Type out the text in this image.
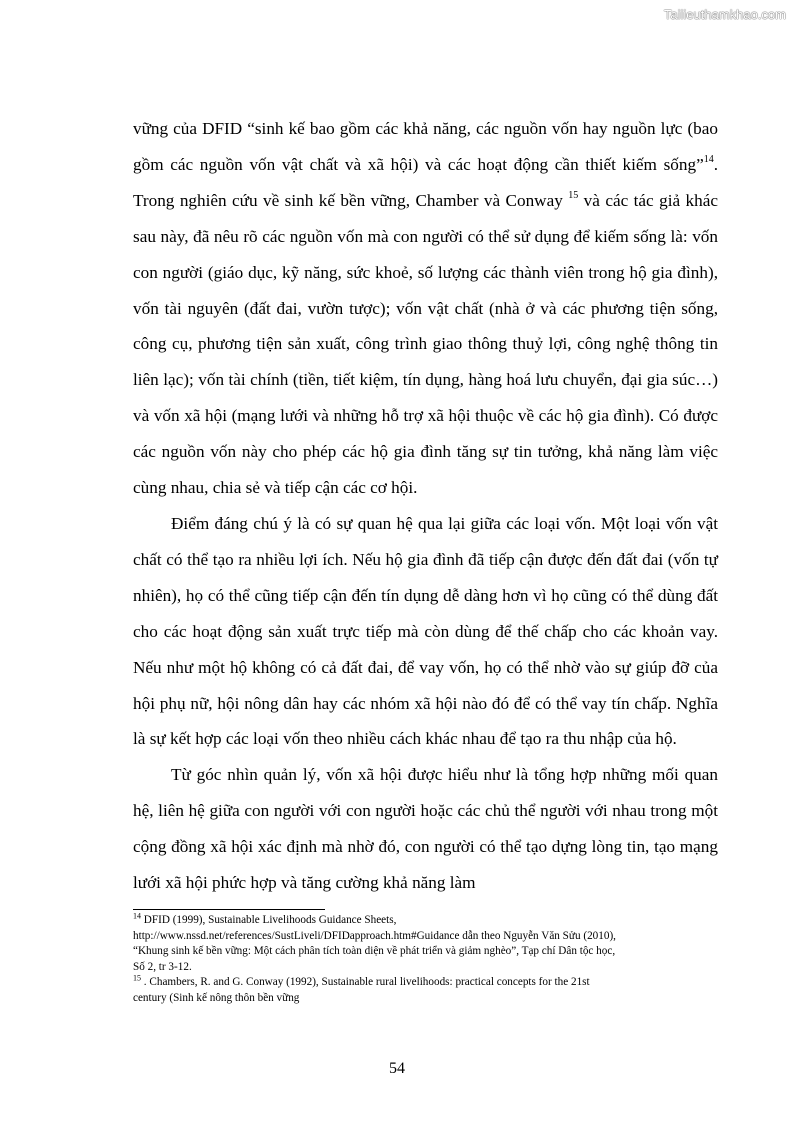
Tailieuthamkhao.com

vững của DFID “sinh kế bao gồm các khả năng, các nguồn vốn hay nguồn lực (bao gồm các nguồn vốn vật chất và xã hội) và các hoạt động cần thiết kiếm sống”$^{14}$. Trong nghiên cứu về sinh kế bền vững, Chamber và Conway $^{15}$ và các tác giả khác sau này, đã nêu rõ các nguồn vốn mà con người có thể sử dụng để kiếm sống là: vốn con người (giáo dục, kỹ năng, sức khoẻ, số lượng các thành viên trong hộ gia đình), vốn tài nguyên (đất đai, vườn tược); vốn vật chất (nhà ở và các phương tiện sống, công cụ, phương tiện sản xuất, công trình giao thông thuỷ lợi, công nghệ thông tin liên lạc); vốn tài chính (tiền, tiết kiệm, tín dụng, hàng hoá lưu chuyển, đại gia súc…) và vốn xã hội (mạng lưới và những hỗ trợ xã hội thuộc về các hộ gia đình). Có được các nguồn vốn này cho phép các hộ gia đình tăng sự tin tưởng, khả năng làm việc cùng nhau, chia sẻ và tiếp cận các cơ hội.

Điểm đáng chú ý là có sự quan hệ qua lại giữa các loại vốn. Một loại vốn vật chất có thể tạo ra nhiều lợi ích. Nếu hộ gia đình đã tiếp cận được đến đất đai (vốn tự nhiên), họ có thể cũng tiếp cận đến tín dụng dễ dàng hơn vì họ cũng có thể dùng đất cho các hoạt động sản xuất trực tiếp mà còn dùng để thế chấp cho các khoản vay. Nếu như một hộ không có cả đất đai, để vay vốn, họ có thể nhờ vào sự giúp đỡ của hội phụ nữ, hội nông dân hay các nhóm xã hội nào đó để có thể vay tín chấp. Nghĩa là sự kết hợp các loại vốn theo nhiều cách khác nhau để tạo ra thu nhập của hộ.

Từ góc nhìn quản lý, vốn xã hội được hiểu như là tổng hợp những mối quan hệ, liên hệ giữa con người với con người hoặc các chủ thể người với nhau trong một cộng đồng xã hội xác định mà nhờ đó, con người có thể tạo dựng lòng tin, tạo mạng lưới xã hội phức hợp và tăng cường khả năng làm

$^{14}$ DFID (1999), Sustainable Livelihoods Guidance Sheets,
http://www.nssd.net/references/SustLiveli/DFIDapproach.htm#Guidance dẫn theo Nguyễn Văn Sửu (2010),
“Khung sinh kế bền vững: Một cách phân tích toàn diện về phát triển và giảm nghèo”, Tạp chí Dân tộc học,
Số 2, tr 3-12.

$^{15}$ . Chambers, R. and G. Conway (1992), Sustainable rural livelihoods: practical concepts for the 21st
century (Sinh kế nông thôn bền vững

54
